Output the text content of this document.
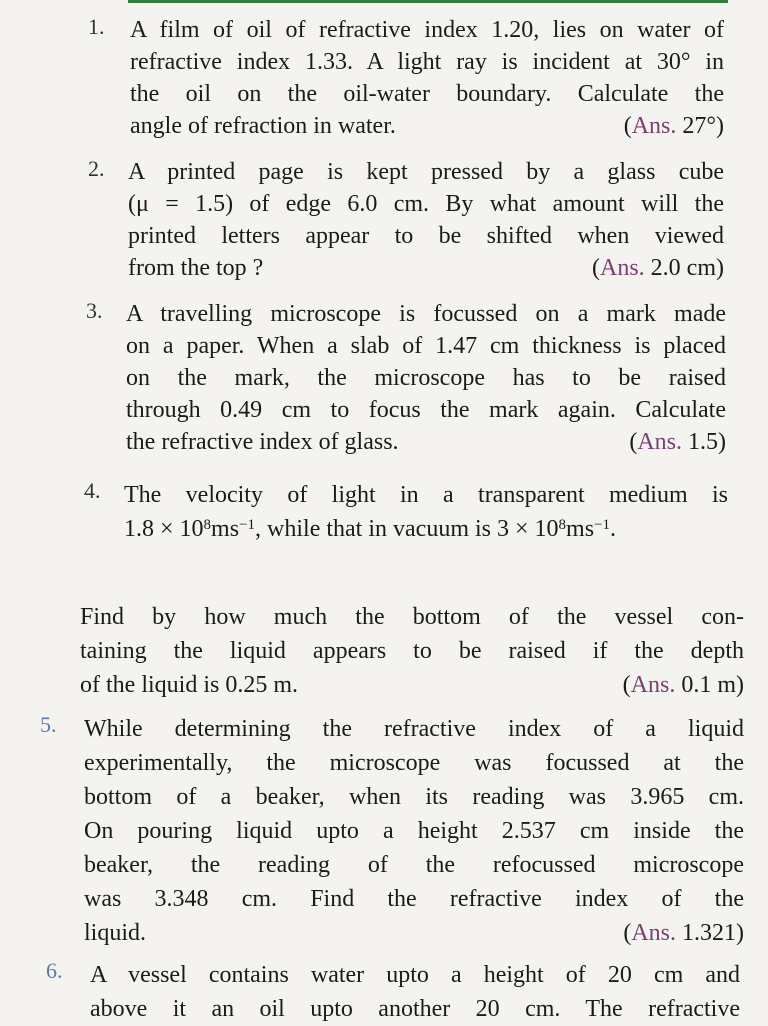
1. A film of oil of refractive index 1.20, lies on water of
refractive index 1.33. A light ray is incident at 30° in
the oil on the oil-water boundary. Calculate the
angle of refraction in water.	(Ans. 27°)
2. A printed page is kept pressed by a glass cube
(μ = 1.5) of edge 6.0 cm. By what amount will the
printed letters appear to be shifted when viewed
from the top ?	(Ans. 2.0 cm)
3. A travelling microscope is focussed on a mark made
on a paper. When a slab of 1.47 cm thickness is placed
on the mark, the microscope has to be raised
through 0.49 cm to focus the mark again. Calculate
the refractive index of glass.	(Ans. 1.5)
4. The velocity of light in a transparent medium is
$1.8 \times 10^8ms^{-1}$, while that in vacuum is $3 \times 10^8ms^{-1}$.
Find by how much the bottom of the vessel con-
taining the liquid appears to be raised if the depth
of the liquid is 0.25 m.	(Ans. 0.1 m)
5. While determining the refractive index of a liquid
experimentally, the microscope was focussed at the
bottom of a beaker, when its reading was 3.965 cm.
On pouring liquid upto a height 2.537 cm inside the
beaker, the reading of the refocussed microscope
was 3.348 cm. Find the refractive index of the
liquid.	(Ans. 1.321)
6. A vessel contains water upto a height of 20 cm and
above it an oil upto another 20 cm. The refractive
